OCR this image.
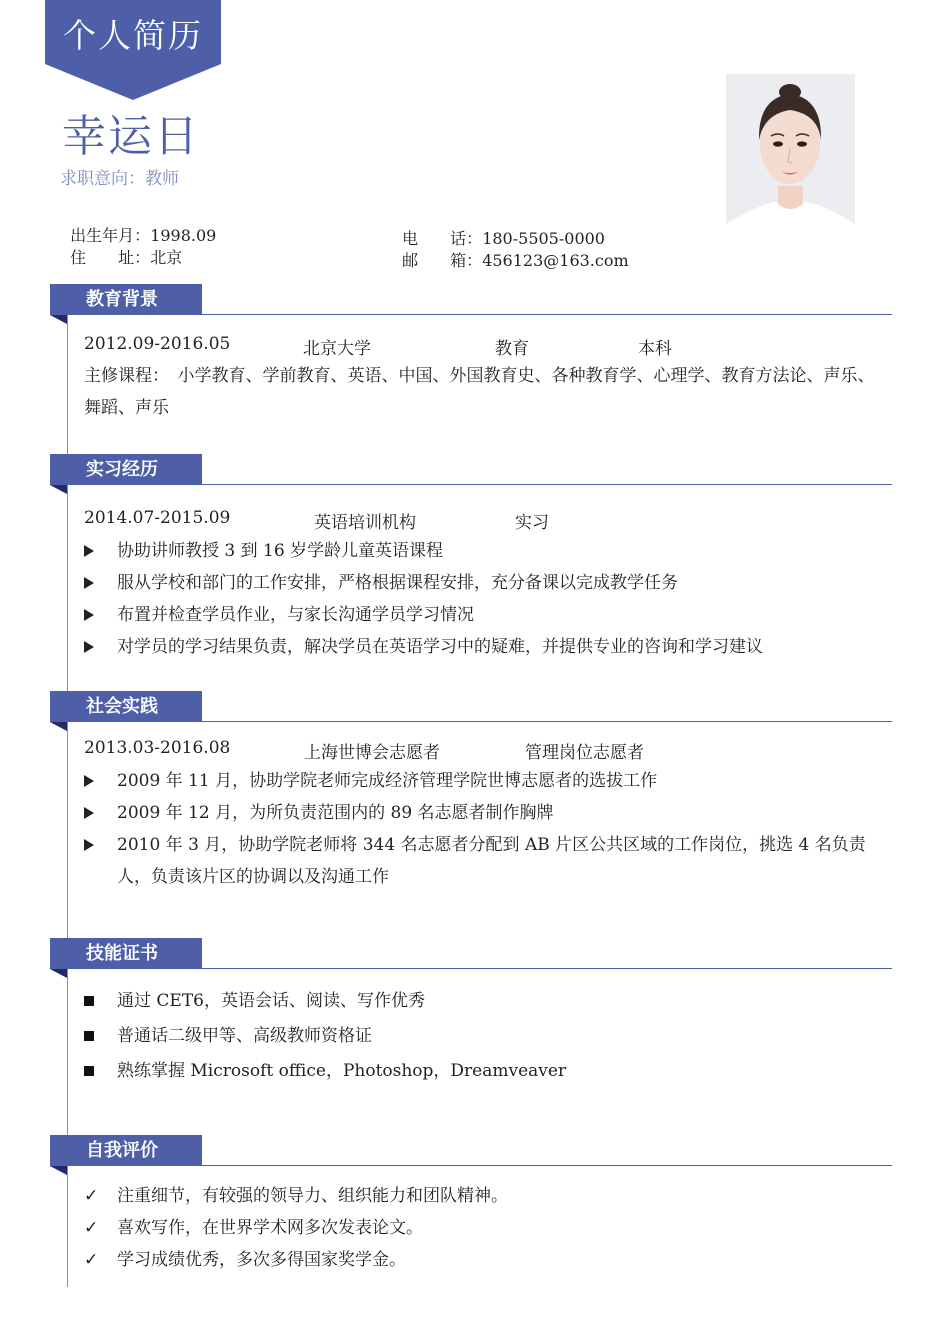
个人简历
幸运日
求职意向：教师

出生年月：1998.09

住　　址：北京

电　　话：180-5505-0000

邮　　箱：456123@163.com

教育背景
2012.09-2016.05	北京大学	教育	本科
主修课程：　小学教育、学前教育、英语、中国、外国教育史、各种教育学、心理学、教育方法论、声乐、舞蹈、声乐
实习经历
2014.07-2015.09	英语培训机构	实习
协助讲师教授 3 到 16 岁学龄儿童英语课程
服从学校和部门的工作安排，严格根据课程安排，充分备课以完成教学任务
布置并检查学员作业，与家长沟通学员学习情况
对学员的学习结果负责，解决学员在英语学习中的疑难，并提供专业的咨询和学习建议
社会实践
2013.03-2016.08	上海世博会志愿者	管理岗位志愿者
2009 年 11 月，协助学院老师完成经济管理学院世博志愿者的选拔工作
2009 年 12 月，为所负责范围内的 89 名志愿者制作胸牌
2010 年 3 月，协助学院老师将 344 名志愿者分配到 AB 片区公共区域的工作岗位，挑选 4 名负责人，负责该片区的协调以及沟通工作
技能证书
通过 CET6，英语会话、阅读、写作优秀
普通话二级甲等、高级教师资格证
熟练掌握 Microsoft office，Photoshop，Dreamveaver
自我评价
✓	注重细节，有较强的领导力、组织能力和团队精神。
✓	喜欢写作，在世界学术网多次发表论文。
✓	学习成绩优秀，多次多得国家奖学金。
